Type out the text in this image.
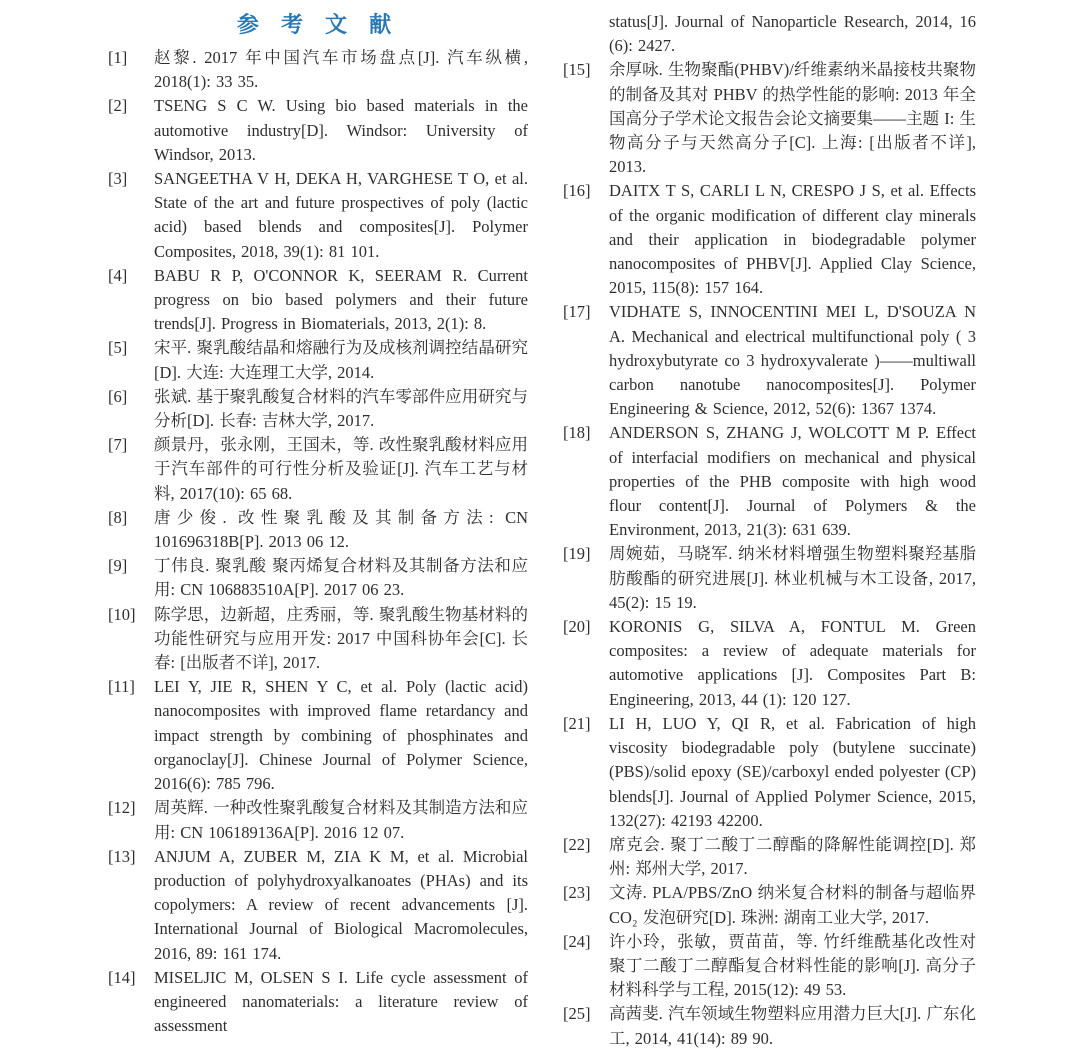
参 考 文 献
[1] 赵黎. 2017 年中国汽车市场盘点[J]. 汽车纵横, 2018(1): 33 35.
[2] TSENG S C W. Using bio based materials in the automotive industry[D]. Windsor: University of Windsor, 2013.
[3] SANGEETHA V H, DEKA H, VARGHESE T O, et al. State of the art and future prospectives of poly (lactic acid) based blends and composites[J]. Polymer Composites, 2018, 39(1): 81 101.
[4] BABU R P, O'CONNOR K, SEERAM R. Current progress on bio based polymers and their future trends[J]. Progress in Biomaterials, 2013, 2(1): 8.
[5] 宋平. 聚乳酸结晶和熔融行为及成核剂调控结晶研究[D]. 大连: 大连理工大学, 2014.
[6] 张斌. 基于聚乳酸复合材料的汽车零部件应用研究与分析[D]. 长春: 吉林大学, 2017.
[7] 颜景丹，张永刚，王国未，等. 改性聚乳酸材料应用于汽车部件的可行性分析及验证[J]. 汽车工艺与材料, 2017(10): 65 68.
[8] 唐少俊. 改性聚乳酸及其制备方法: CN 101696318B[P]. 2013 06 12.
[9] 丁伟良. 聚乳酸 聚丙烯复合材料及其制备方法和应用: CN 106883510A[P]. 2017 06 23.
[10] 陈学思，边新超，庄秀丽，等. 聚乳酸生物基材料的功能性研究与应用开发: 2017 中国科协年会[C]. 长春: [出版者不详], 2017.
[11] LEI Y, JIE R, SHEN Y C, et al. Poly (lactic acid) nanocomposites with improved flame retardancy and impact strength by combining of phosphinates and organoclay[J]. Chinese Journal of Polymer Science, 2016(6): 785 796.
[12] 周英辉. 一种改性聚乳酸复合材料及其制造方法和应用: CN 106189136A[P]. 2016 12 07.
[13] ANJUM A, ZUBER M, ZIA K M, et al. Microbial production of polyhydroxyalkanoates (PHAs) and its copolymers: A review of recent advancements [J]. International Journal of Biological Macromolecules, 2016, 89: 161 174.
[14] MISELJIC M, OLSEN S I. Life cycle assessment of engineered nanomaterials: a literature review of assessment
status[J]. Journal of Nanoparticle Research, 2014, 16 (6): 2427.
[15] 余厚咏. 生物聚酯(PHBV)/纤维素纳米晶接枝共聚物的制备及其对 PHBV 的热学性能的影响: 2013 年全国高分子学术论文报告会论文摘要集——主题 I: 生物高分子与天然高分子[C]. 上海: [出版者不详], 2013.
[16] DAITX T S, CARLI L N, CRESPO J S, et al. Effects of the organic modification of different clay minerals and their application in biodegradable polymer nanocomposites of PHBV[J]. Applied Clay Science, 2015, 115(8): 157 164.
[17] VIDHATE S, INNOCENTINI MEI L, D'SOUZA N A. Mechanical and electrical multifunctional poly ( 3 hydroxybutyrate co 3 hydroxyvalerate )——multiwall carbon nanotube nanocomposites[J]. Polymer Engineering & Science, 2012, 52(6): 1367 1374.
[18] ANDERSON S, ZHANG J, WOLCOTT M P. Effect of interfacial modifiers on mechanical and physical properties of the PHB composite with high wood flour content[J]. Journal of Polymers & the Environment, 2013, 21(3): 631 639.
[19] 周婉茹，马晓军. 纳米材料增强生物塑料聚羟基脂肪酸酯的研究进展[J]. 林业机械与木工设备, 2017, 45(2): 15 19.
[20] KORONIS G, SILVA A, FONTUL M. Green composites: a review of adequate materials for automotive applications [J]. Composites Part B: Engineering, 2013, 44 (1): 120 127.
[21] LI H, LUO Y, QI R, et al. Fabrication of high viscosity biodegradable poly (butylene succinate)(PBS)/solid epoxy (SE)/carboxyl ended polyester (CP) blends[J]. Journal of Applied Polymer Science, 2015, 132(27): 42193 42200.
[22] 席克会. 聚丁二酸丁二醇酯的降解性能调控[D]. 郑州: 郑州大学, 2017.
[23] 文涛. PLA/PBS/ZnO 纳米复合材料的制备与超临界 CO₂ 发泡研究[D]. 珠洲: 湖南工业大学, 2017.
[24] 许小玲，张敏，贾苗苗，等. 竹纤维酰基化改性对聚丁二酸丁二醇酯复合材料性能的影响[J]. 高分子材料科学与工程, 2015(12): 49 53.
[25] 高茜斐. 汽车领域生物塑料应用潜力巨大[J]. 广东化工, 2014, 41(14): 89 90.
